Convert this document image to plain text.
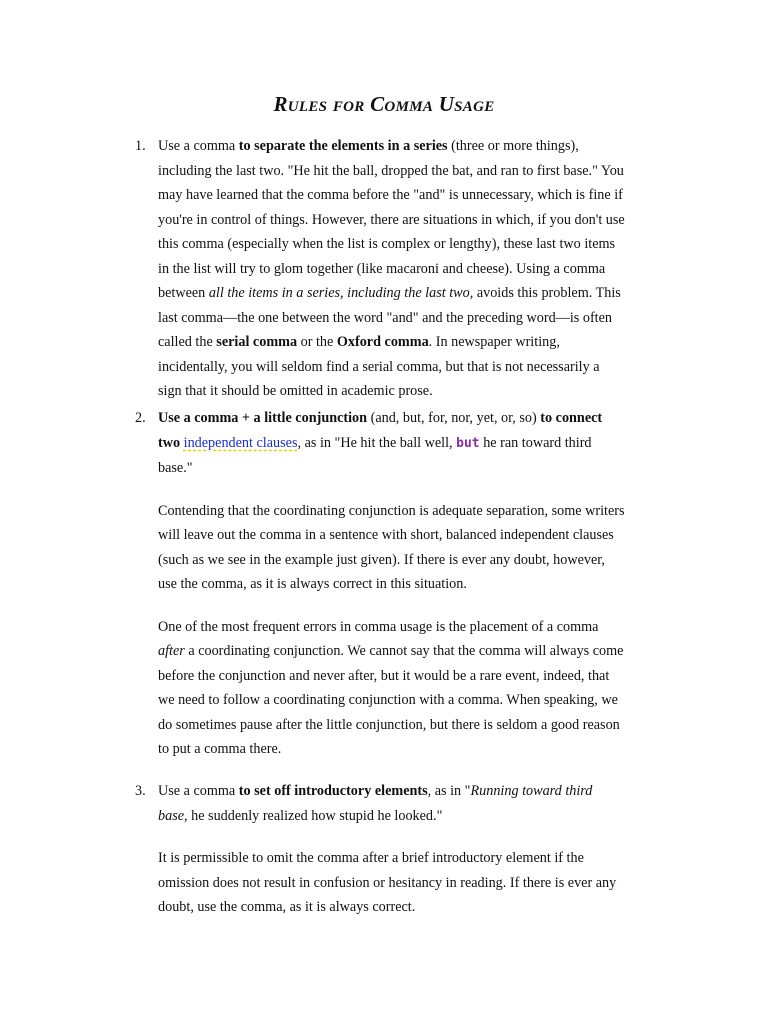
Rules for Comma Usage
1. Use a comma to separate the elements in a series (three or more things),
including the last two. "He hit the ball, dropped the bat, and ran to first base." You
may have learned that the comma before the "and" is unnecessary, which is fine if
you're in control of things. However, there are situations in which, if you don't use
this comma (especially when the list is complex or lengthy), these last two items
in the list will try to glom together (like macaroni and cheese). Using a comma
between all the items in a series, including the last two, avoids this problem. This
last comma—the one between the word "and" and the preceding word—is often
called the serial comma or the Oxford comma. In newspaper writing,
incidentally, you will seldom find a serial comma, but that is not necessarily a
sign that it should be omitted in academic prose.

2. Use a comma + a little conjunction (and, but, for, nor, yet, or, so) to connect
two independent clauses, as in "He hit the ball well, but he ran toward third
base."

Contending that the coordinating conjunction is adequate separation, some writers
will leave out the comma in a sentence with short, balanced independent clauses
(such as we see in the example just given). If there is ever any doubt, however,
use the comma, as it is always correct in this situation.

One of the most frequent errors in comma usage is the placement of a comma
after a coordinating conjunction. We cannot say that the comma will always come
before the conjunction and never after, but it would be a rare event, indeed, that
we need to follow a coordinating conjunction with a comma. When speaking, we
do sometimes pause after the little conjunction, but there is seldom a good reason
to put a comma there.

3. Use a comma to set off introductory elements, as in "Running toward third
base, he suddenly realized how stupid he looked."

It is permissible to omit the comma after a brief introductory element if the
omission does not result in confusion or hesitancy in reading. If there is ever any
doubt, use the comma, as it is always correct.
